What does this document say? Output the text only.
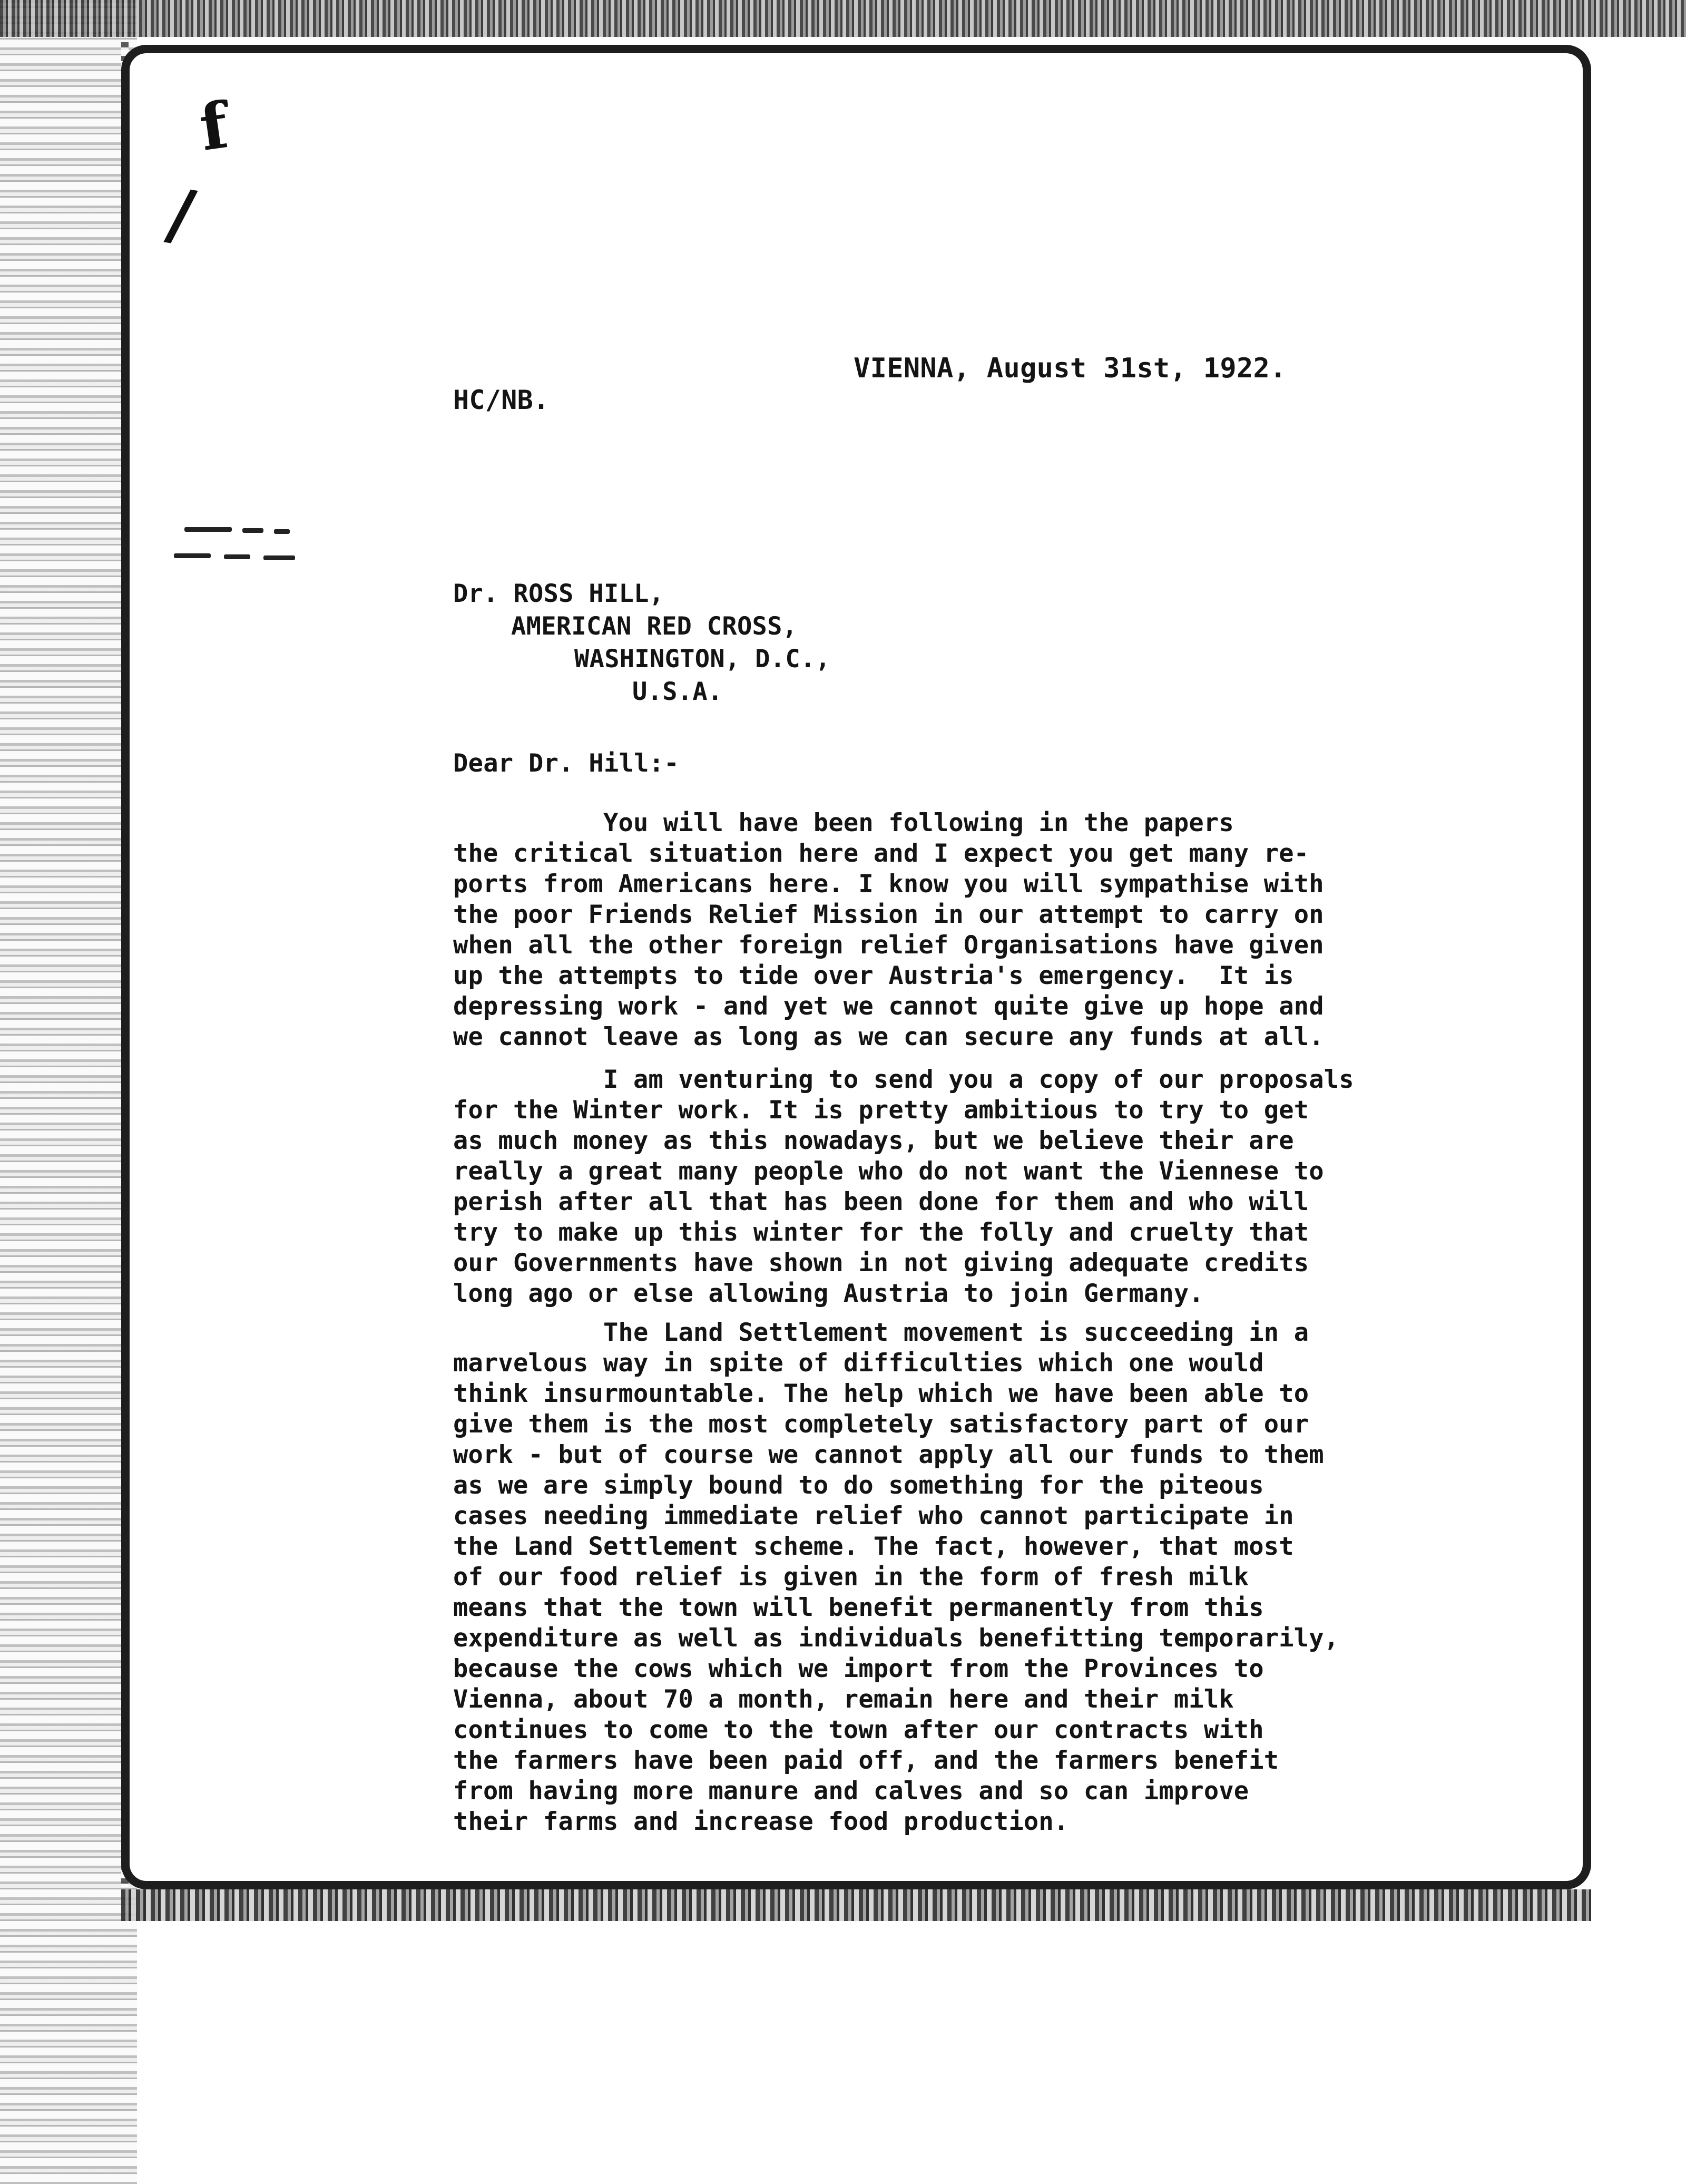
f
/
VIENNA, August 31st, 1922.
HC/NB.
Dr. ROSS HILL,
AMERICAN RED CROSS,
WASHINGTON, D.C.,
U.S.A.
Dear Dr. Hill:-
You will have been following in the papers
the critical situation here and I expect you get many re-
ports from Americans here. I know you will sympathise with
the poor Friends Relief Mission in our attempt to carry on
when all the other foreign relief Organisations have given
up the attempts to tide over Austria's emergency.  It is
depressing work - and yet we cannot quite give up hope and
we cannot leave as long as we can secure any funds at all.
I am venturing to send you a copy of our proposals
for the Winter work. It is pretty ambitious to try to get
as much money as this nowadays, but we believe their are
really a great many people who do not want the Viennese to
perish after all that has been done for them and who will
try to make up this winter for the folly and cruelty that
our Governments have shown in not giving adequate credits
long ago or else allowing Austria to join Germany.
The Land Settlement movement is succeeding in a
marvelous way in spite of difficulties which one would
think insurmountable. The help which we have been able to
give them is the most completely satisfactory part of our
work - but of course we cannot apply all our funds to them
as we are simply bound to do something for the piteous
cases needing immediate relief who cannot participate in
the Land Settlement scheme. The fact, however, that most
of our food relief is given in the form of fresh milk
means that the town will benefit permanently from this
expenditure as well as individuals benefitting temporarily,
because the cows which we import from the Provinces to
Vienna, about 70 a month, remain here and their milk
continues to come to the town after our contracts with
the farmers have been paid off, and the farmers benefit
from having more manure and calves and so can improve
their farms and increase food production.
